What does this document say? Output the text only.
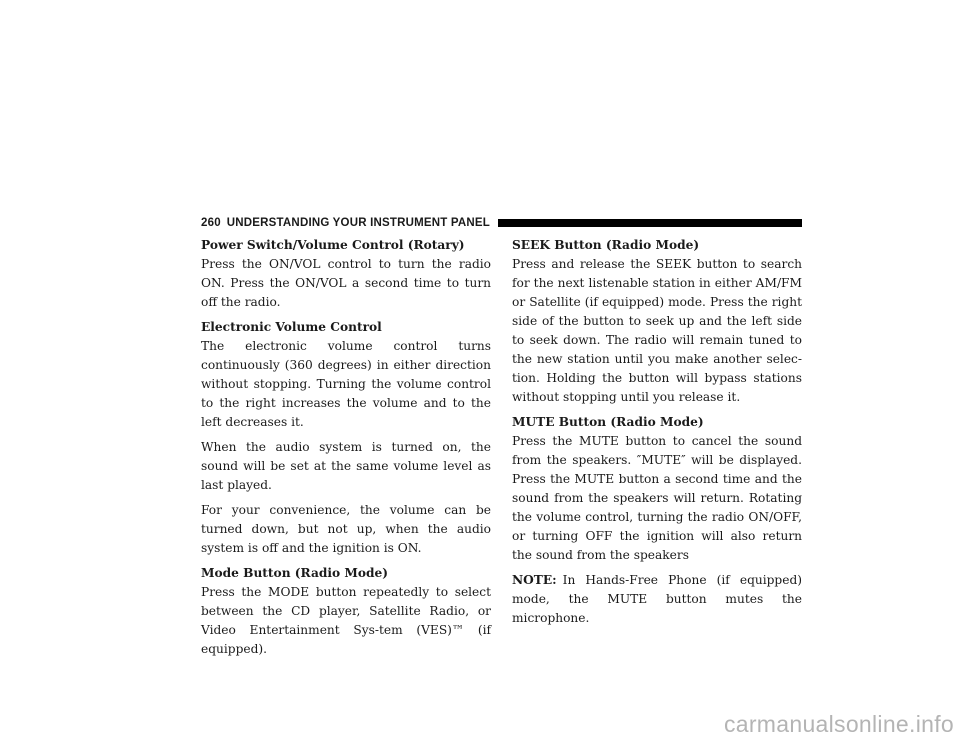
260 UNDERSTANDING YOUR INSTRUMENT PANEL
Power Switch/Volume Control (Rotary)
Press the ON/VOL control to turn the radio ON. Press the ON/VOL a second time to turn off the radio.
Electronic Volume Control
The electronic volume control turns continuously (360 degrees) in either direction without stopping. Turning the volume control to the right increases the volume and to the left decreases it.
When the audio system is turned on, the sound will be set at the same volume level as last played.
For your convenience, the volume can be turned down, but not up, when the audio system is off and the ignition is ON.
Mode Button (Radio Mode)
Press the MODE button repeatedly to select between the CD player, Satellite Radio, or Video Entertainment Sys-tem (VES)™ (if equipped).
SEEK Button (Radio Mode)
Press and release the SEEK button to search for the next listenable station in either AM/FM or Satellite (if equipped) mode. Press the right side of the button to seek up and the left side to seek down. The radio will remain tuned to the new station until you make another selec-tion. Holding the button will bypass stations without stopping until you release it.
MUTE Button (Radio Mode)
Press the MUTE button to cancel the sound from the speakers. ″MUTE″ will be displayed. Press the MUTE button a second time and the sound from the speakers will return. Rotating the volume control, turning the radio ON/OFF, or turning OFF the ignition will also return the sound from the speakers
NOTE: In Hands-Free Phone (if equipped) mode, the MUTE button mutes the microphone.
carmanualsonline.info
